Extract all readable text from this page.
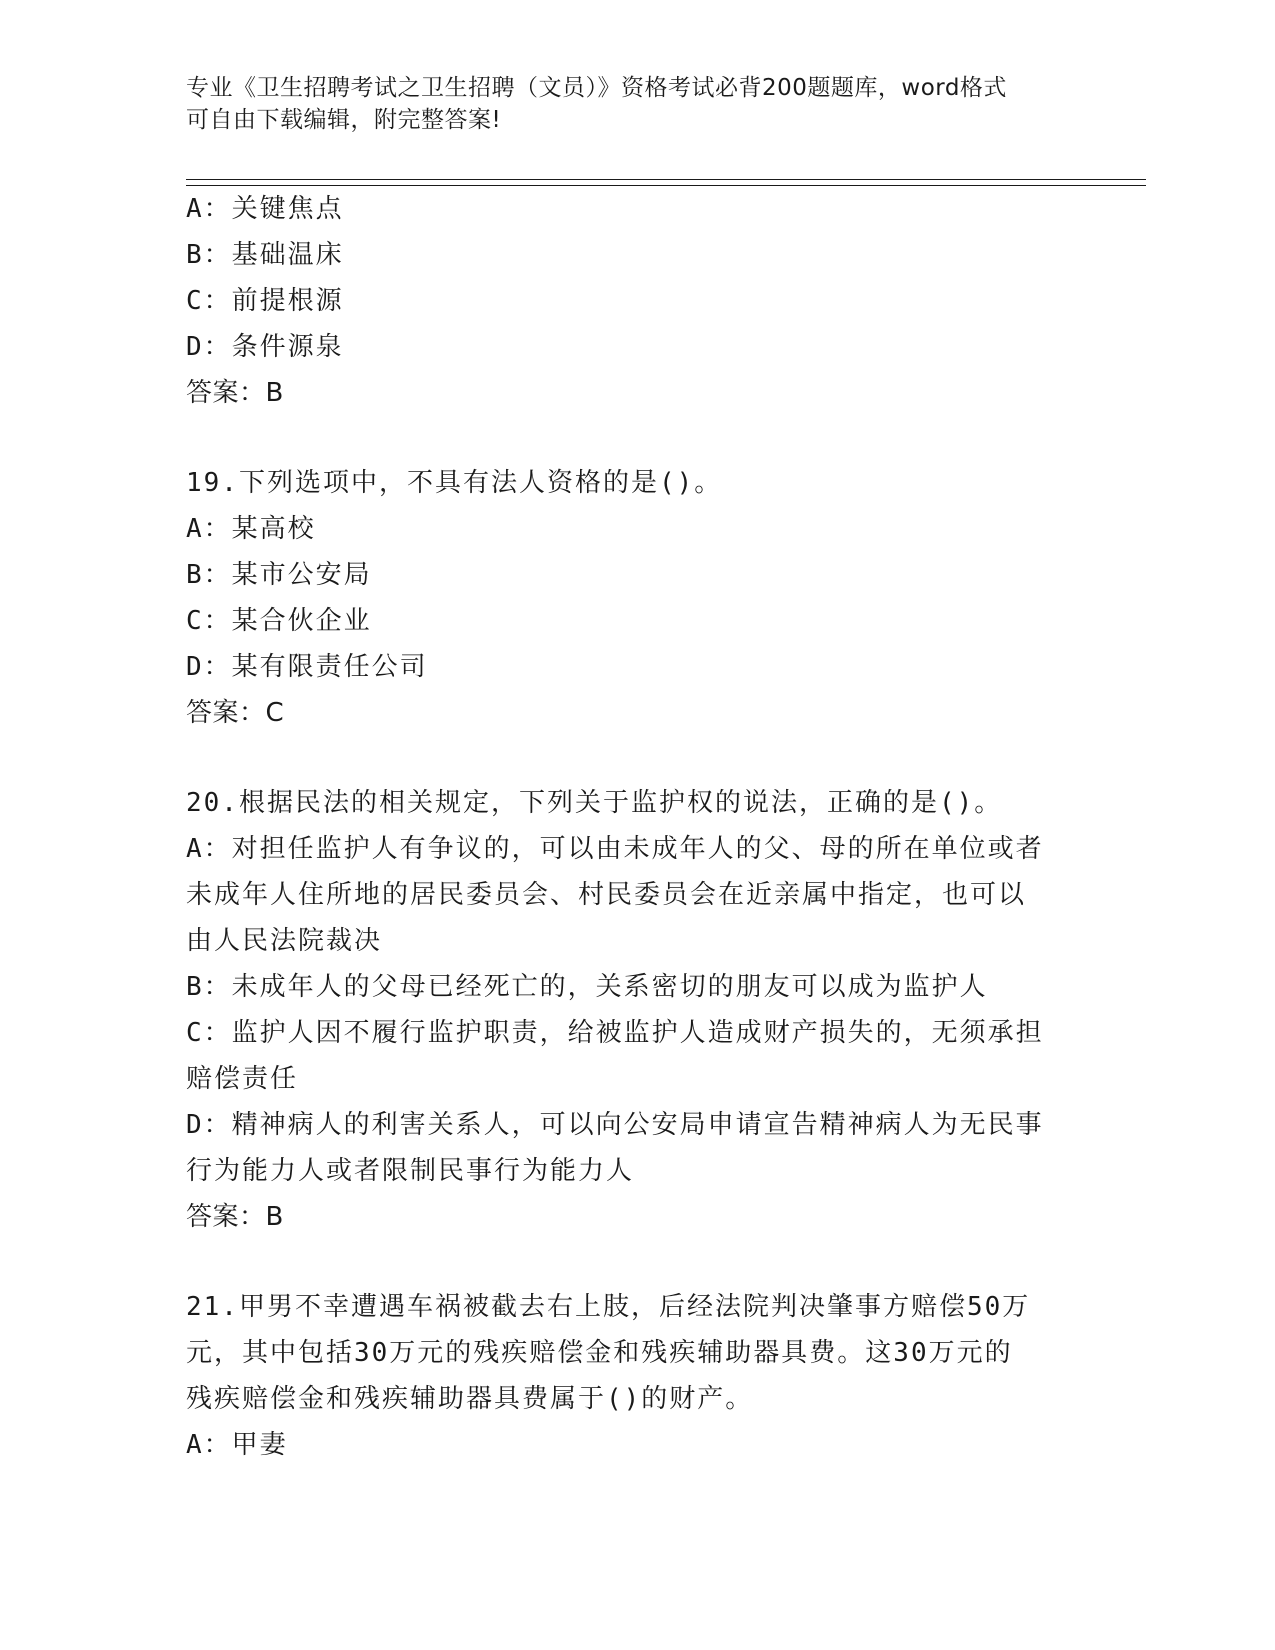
专业《卫生招聘考试之卫生招聘（文员）》资格考试必背200题题库，word格式
可自由下载编辑，附完整答案!
A：关键焦点
B：基础温床
C：前提根源
D：条件源泉
答案：B
19.下列选项中，不具有法人资格的是()。
A：某高校
B：某市公安局
C：某合伙企业
D：某有限责任公司
答案：C
20.根据民法的相关规定，下列关于监护权的说法，正确的是()。
A：对担任监护人有争议的，可以由未成年人的父、母的所在单位或者
未成年人住所地的居民委员会、村民委员会在近亲属中指定，也可以
由人民法院裁决
B：未成年人的父母已经死亡的，关系密切的朋友可以成为监护人
C：监护人因不履行监护职责，给被监护人造成财产损失的，无须承担
赔偿责任
D：精神病人的利害关系人，可以向公安局申请宣告精神病人为无民事
行为能力人或者限制民事行为能力人
答案：B
21.甲男不幸遭遇车祸被截去右上肢，后经法院判决肇事方赔偿50万
元，其中包括30万元的残疾赔偿金和残疾辅助器具费。这30万元的
残疾赔偿金和残疾辅助器具费属于()的财产。
A：甲妻
